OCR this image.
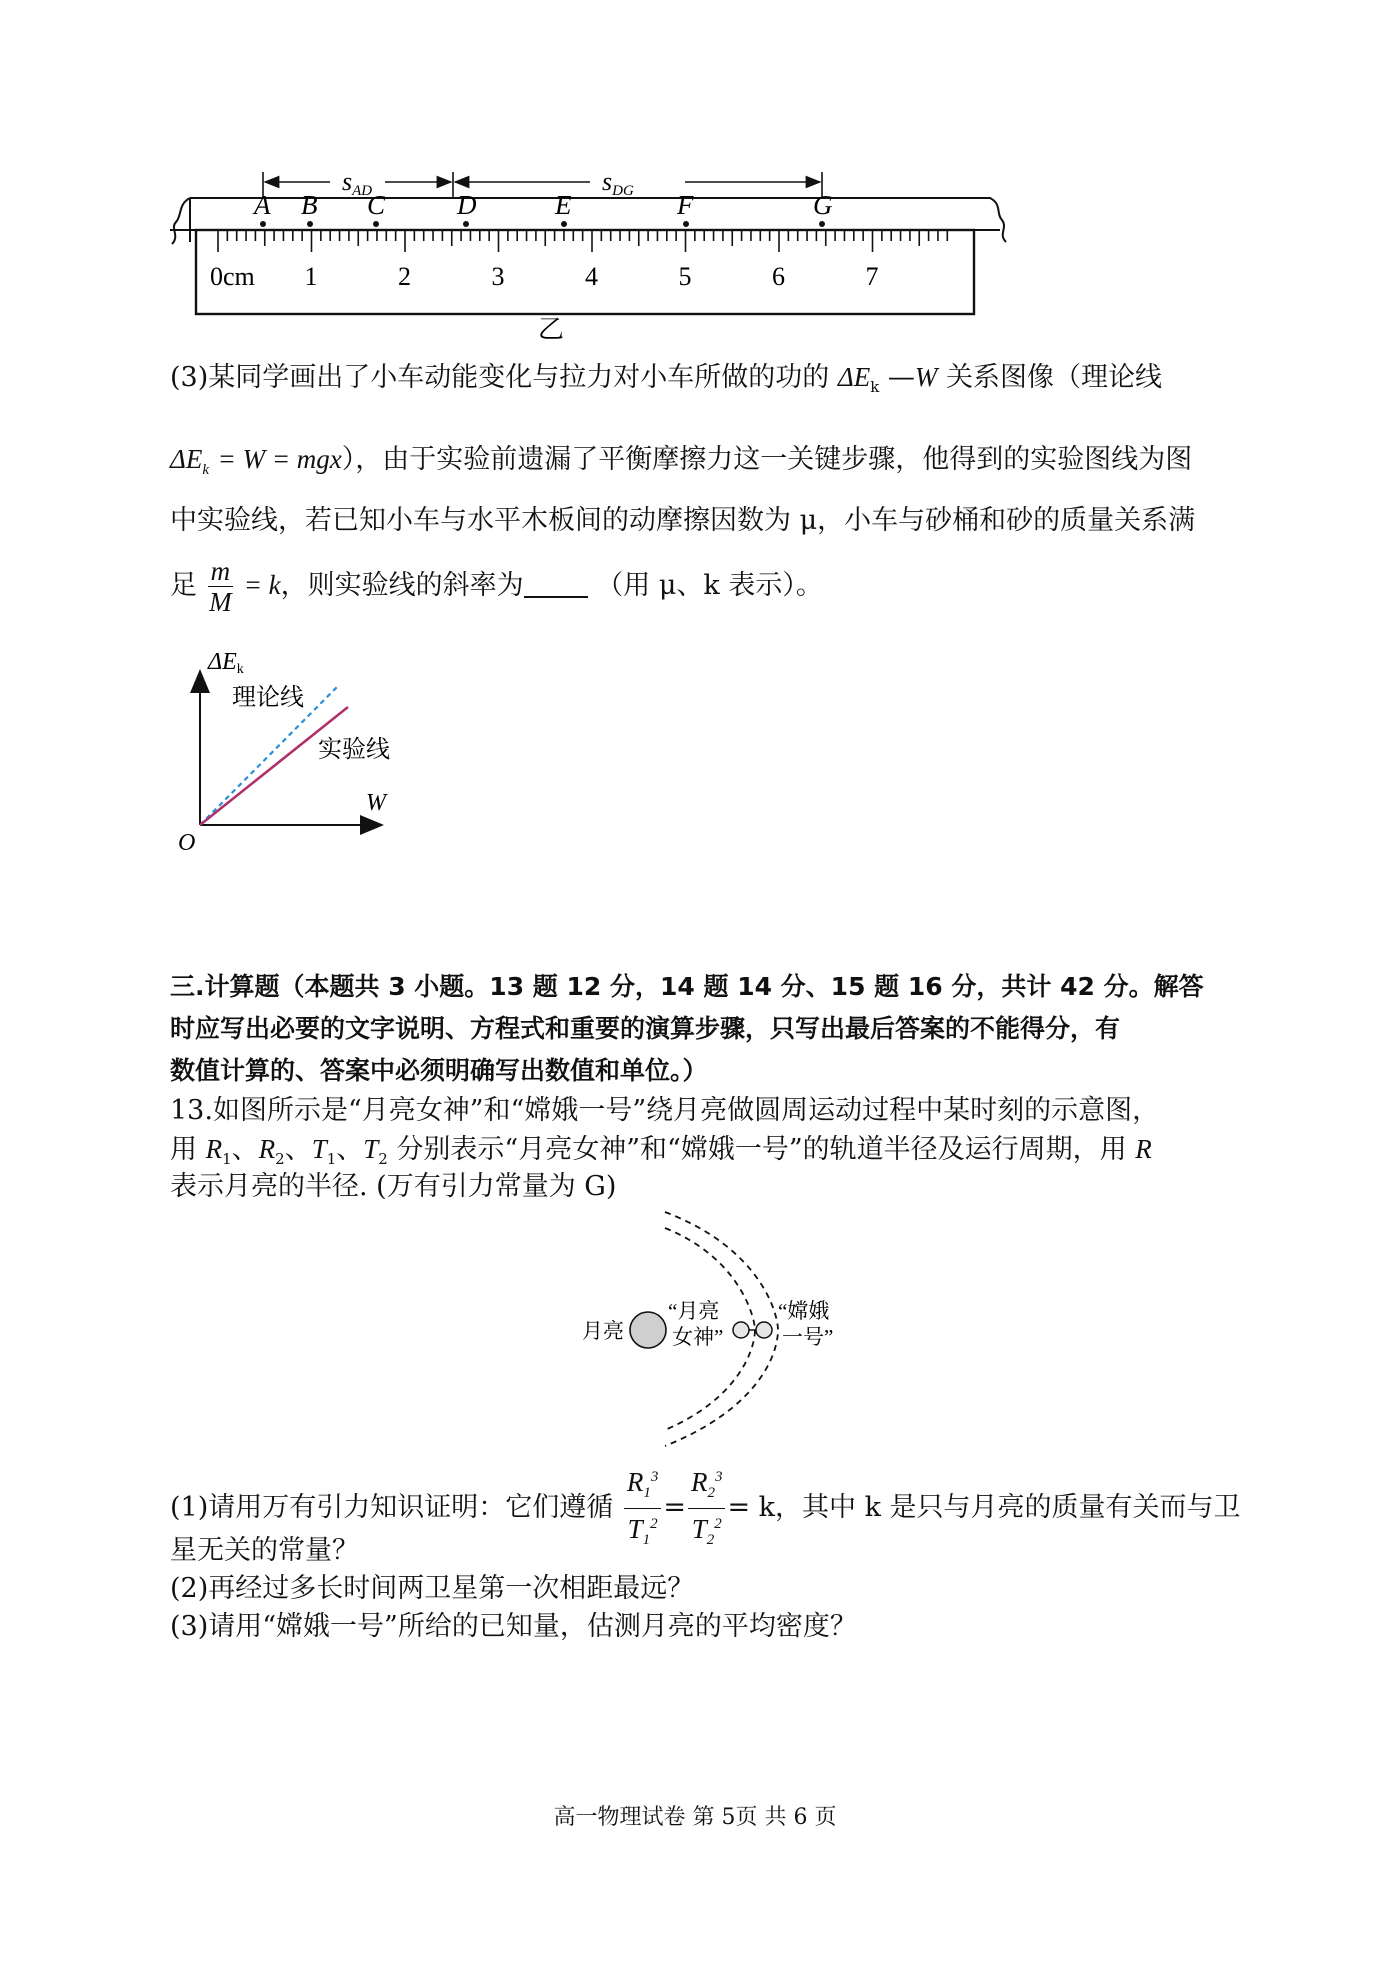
1	2	3	4	5	6	7
sAD	sDG
A B C	D	E	F	G
0cm
乙
(3)某同学画出了小车动能变化与拉力对小车所做的功的 $\Delta E_k$ —W 关系图像（理论线
$\Delta E_k = W = mgx$），由于实验前遗漏了平衡摩擦力这一关键步骤，他得到的实验图线为图
中实验线，若已知小车与水平木板间的动摩擦因数为 μ，小车与砂桶和砂的质量关系满
足 $\frac{m}{M} = k$，则实验线的斜率为	（用 μ、k 表示）。
ΔEk
W
O
理论线
实验线
三.计算题（本题共 3 小题。13 题 12 分，14 题 14 分、15 题 16 分，共计 42 分。解答
时应写出必要的文字说明、方程式和重要的演算步骤，只写出最后答案的不能得分，有
数值计算的、答案中必须明确写出数值和单位。）
13.如图所示是“月亮女神”和“嫦娥一号”绕月亮做圆周运动过程中某时刻的示意图，
用 $R_1$、$R_2$、$T_1$、$T_2$ 分别表示“月亮女神”和“嫦娥一号”的轨道半径及运行周期，用 R
表示月亮的半径. (万有引力常量为 G)
月亮
“月亮
女神”
“嫦娥
一号”
(1)请用万有引力知识证明：它们遵循 $\frac{R_1^3}{T_1^2} = \frac{R_2^3}{T_2^2} = k$，其中 k 是只与月亮的质量有关而与卫
星无关的常量？
(2)再经过多长时间两卫星第一次相距最远？
(3)请用“嫦娥一号”所给的已知量，估测月亮的平均密度？
高一物理试卷 第 5页 共 6 页
